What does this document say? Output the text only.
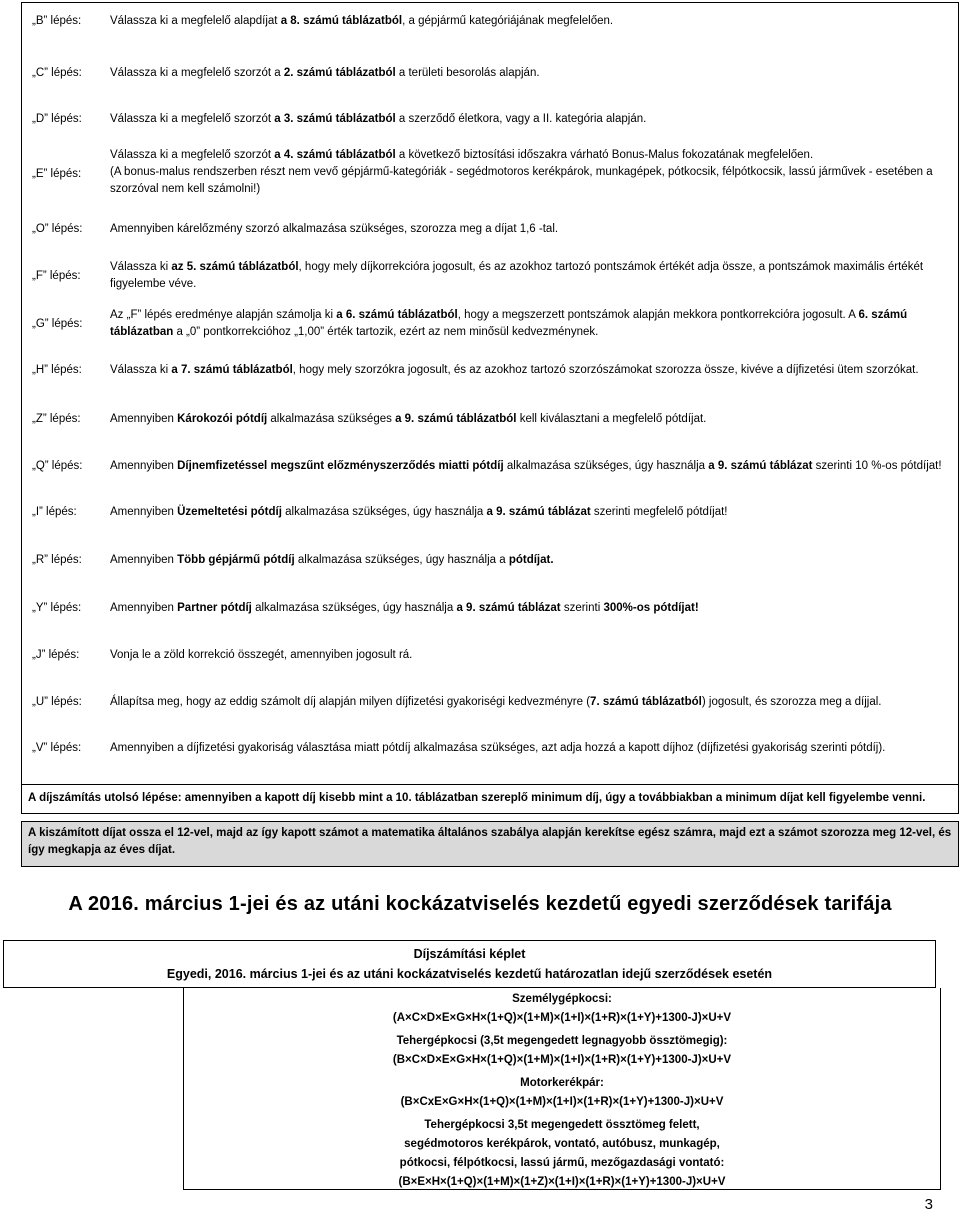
„B” lépés:	Válassza ki a megfelelő alapdíjat a 8. számú táblázatból, a gépjármű kategóriájának megfelelően.
„C” lépés:	Válassza ki a megfelelő szorzót a 2. számú táblázatból a területi besorolás alapján.
„D” lépés:	Válassza ki a megfelelő szorzót a 3. számú táblázatból a szerződő életkora, vagy a II. kategória alapján.
„E” lépés:
Válassza ki a megfelelő szorzót a 4. számú táblázatból a következő biztosítási időszakra várható Bonus-Malus fokozatának megfelelően.
(A bonus-malus rendszerben részt nem vevő gépjármű-kategóriák - segédmotoros kerékpárok, munkagépek, pótkocsik, félpótkocsik, lassú járművek - esetében a szorzóval nem kell számolni!)
„O” lépés:	Amennyiben kárelőzmény szorzó alkalmazása szükséges, szorozza meg a díjat 1,6 -tal.
„F” lépés:
Válassza ki az 5. számú táblázatból, hogy mely díjkorrekcióra jogosult, és az azokhoz tartozó pontszámok értékét adja össze, a pontszámok maximális értékét figyelembe véve.
„G” lépés:
Az „F” lépés eredménye alapján számolja ki a 6. számú táblázatból, hogy a megszerzett pontszámok alapján mekkora pontkorrekcióra jogosult. A 6. számú táblázatban a „0” pontkorrekcióhoz „1,00” érték tartozik, ezért az nem minősül kedvezménynek.
„H” lépés:	Válassza ki a 7. számú táblázatból, hogy mely szorzókra jogosult, és az azokhoz tartozó szorzószámokat szorozza össze, kivéve a díjfizetési ütem szorzókat.
„Z” lépés:	Amennyiben Károkozói pótdíj alkalmazása szükséges a 9. számú táblázatból kell kiválasztani a megfelelő pótdíjat.
„Q” lépés:	Amennyiben Díjnemfizetéssel megszűnt előzményszerződés miatti pótdíj alkalmazása szükséges, úgy használja a 9. számú táblázat szerinti 10 %-os pótdíjat!
„I” lépés:	Amennyiben Üzemeltetési pótdíj alkalmazása szükséges, úgy használja a 9. számú táblázat szerinti megfelelő pótdíjat!
„R” lépés:	Amennyiben Több gépjármű pótdíj alkalmazása szükséges, úgy használja a pótdíjat.
„Y” lépés:	Amennyiben Partner pótdíj alkalmazása szükséges, úgy használja a 9. számú táblázat szerinti 300%-os pótdíjat!
„J” lépés:	Vonja le a zöld korrekció összegét, amennyiben jogosult rá.
„U” lépés:	Állapítsa meg, hogy az eddig számolt díj alapján milyen díjfizetési gyakoriségi kedvezményre (7. számú táblázatból) jogosult, és szorozza meg a díjjal.
„V” lépés:	Amennyiben a díjfizetési gyakoriság választása miatt pótdíj alkalmazása szükséges, azt adja hozzá a kapott díjhoz (díjfizetési gyakoriság szerinti pótdíj).
A díjszámítás utolsó lépése: amennyiben a kapott díj kisebb mint a 10. táblázatban szereplő minimum díj, úgy a továbbiakban a minimum díjat kell figyelembe venni.
A kiszámított díjat ossza el 12-vel, majd az így kapott számot a matematika általános szabálya alapján kerekítse egész számra, majd ezt a számot szorozza meg 12-vel, és így megkapja az éves díjat.
A 2016. március 1-jei és az utáni kockázatviselés kezdetű egyedi szerződések tarifája
Díjszámítási képlet
Egyedi, 2016. március 1-jei és az utáni kockázatviselés kezdetű határozatlan idejű szerződések esetén
Személygépkocsi:
(A×C×D×E×G×H×(1+Q)×(1+M)×(1+I)×(1+R)×(1+Y)+1300-J)×U+V
Tehergépkocsi (3,5t megengedett legnagyobb össztömegig):
(B×C×D×E×G×H×(1+Q)×(1+M)×(1+I)×(1+R)×(1+Y)+1300-J)×U+V
Motorkerékpár:
(B×CxE×G×H×(1+Q)×(1+M)×(1+I)×(1+R)×(1+Y)+1300-J)×U+V
Tehergépkocsi 3,5t megengedett össztömeg felett,
segédmotoros kerékpárok, vontató, autóbusz, munkagép,
pótkocsi, félpótkocsi, lassú jármű, mezőgazdasági vontató:
(B×E×H×(1+Q)×(1+M)×(1+Z)×(1+I)×(1+R)×(1+Y)+1300-J)×U+V
3
